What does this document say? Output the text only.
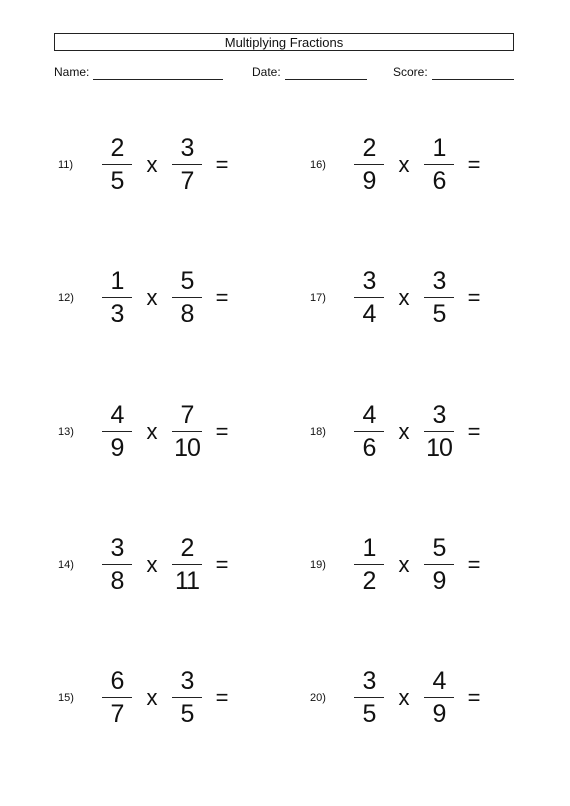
Multiplying Fractions
Name:	Date:	Score:
11)	$\frac{2}{5}$ x $\frac{3}{7}$ =
12)	$\frac{1}{3}$ x $\frac{5}{8}$ =
13)	$\frac{4}{9}$ x $\frac{7}{10}$ =
14)	$\frac{3}{8}$ x $\frac{2}{11}$ =
15)	$\frac{6}{7}$ x $\frac{3}{5}$ =
16)	$\frac{2}{9}$ x $\frac{1}{6}$ =
17)	$\frac{3}{4}$ x $\frac{3}{5}$ =
18)	$\frac{4}{6}$ x $\frac{3}{10}$ =
19)	$\frac{1}{2}$ x $\frac{5}{9}$ =
20)	$\frac{3}{5}$ x $\frac{4}{9}$ =
